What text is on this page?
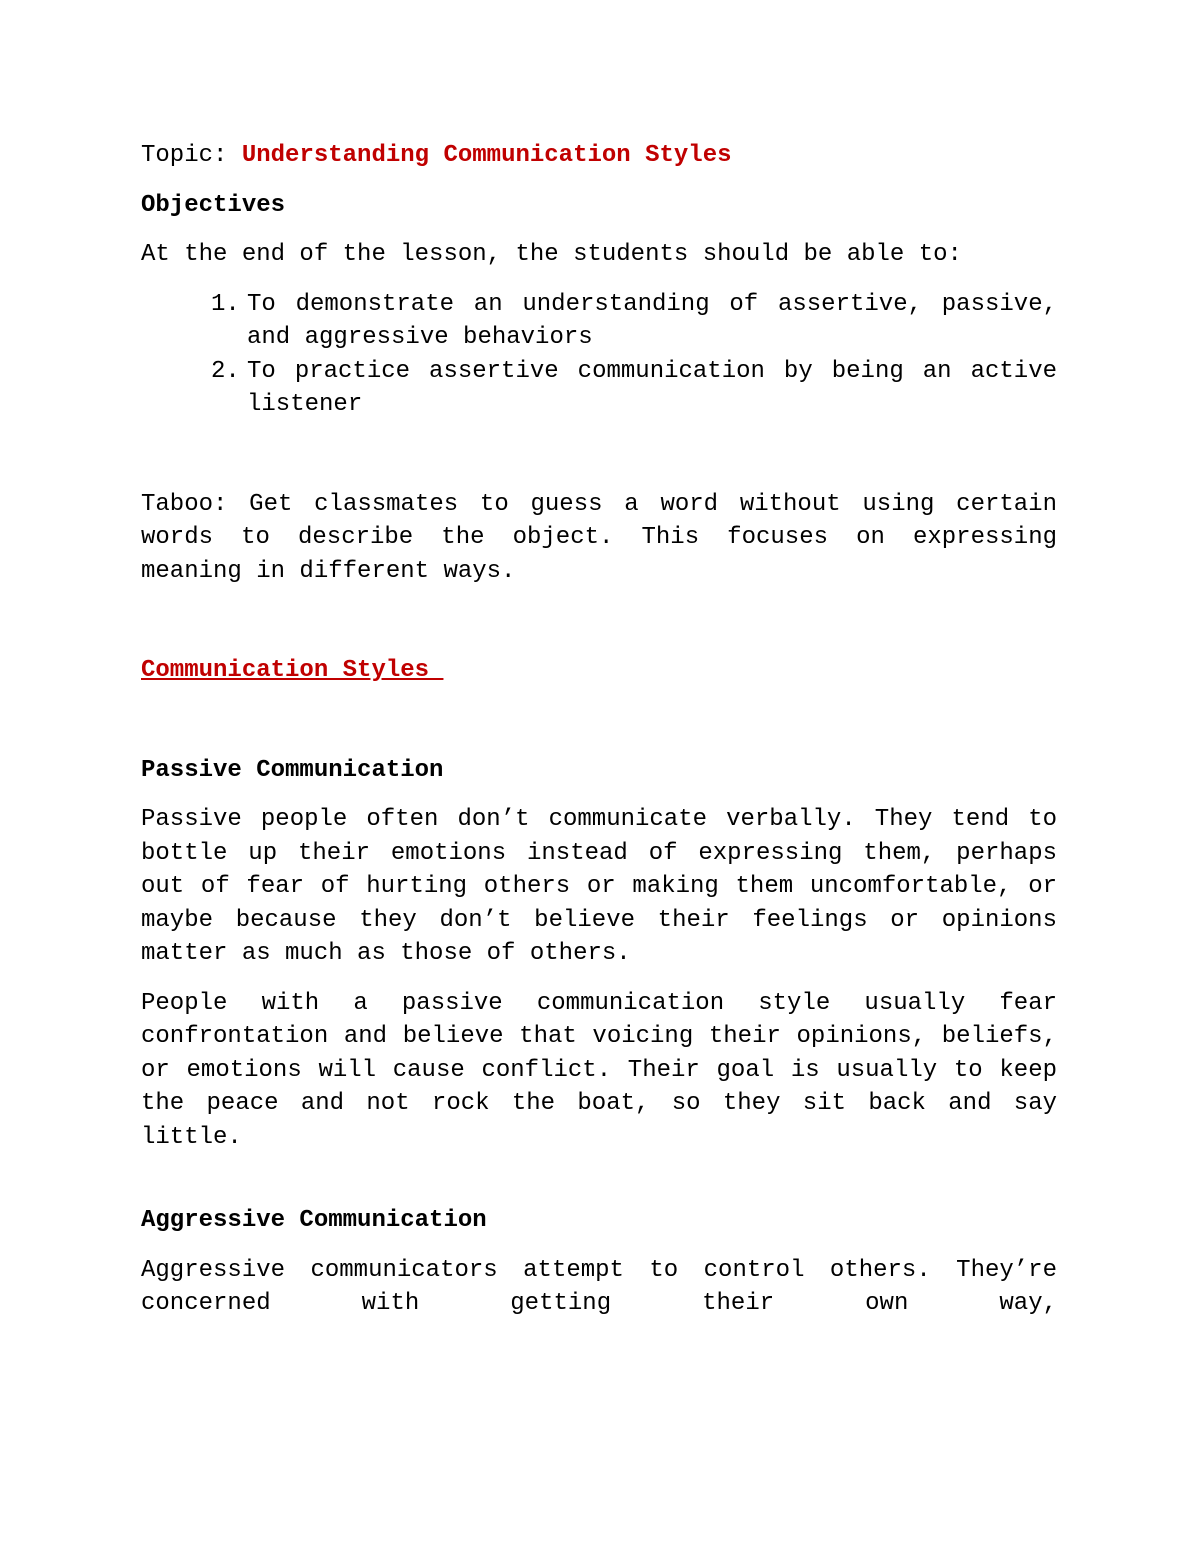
Topic: Understanding Communication Styles

Objectives

At the end of the lesson, the students should be able to:

1. To demonstrate an understanding of assertive, passive, and aggressive behaviors
2. To practice assertive communication by being an active listener

Taboo: Get classmates to guess a word without using certain words to describe the object. This focuses on expressing meaning in different ways.

Communication Styles

Passive Communication

Passive people often don’t communicate verbally. They tend to bottle up their emotions instead of expressing them, perhaps out of fear of hurting others or making them uncomfortable, or maybe because they don’t believe their feelings or opinions matter as much as those of others.

People with a passive communication style usually fear confrontation and believe that voicing their opinions, beliefs, or emotions will cause conflict. Their goal is usually to keep the peace and not rock the boat, so they sit back and say little.

Aggressive Communication

Aggressive communicators attempt to control others. They’re concerned with getting their own way,
